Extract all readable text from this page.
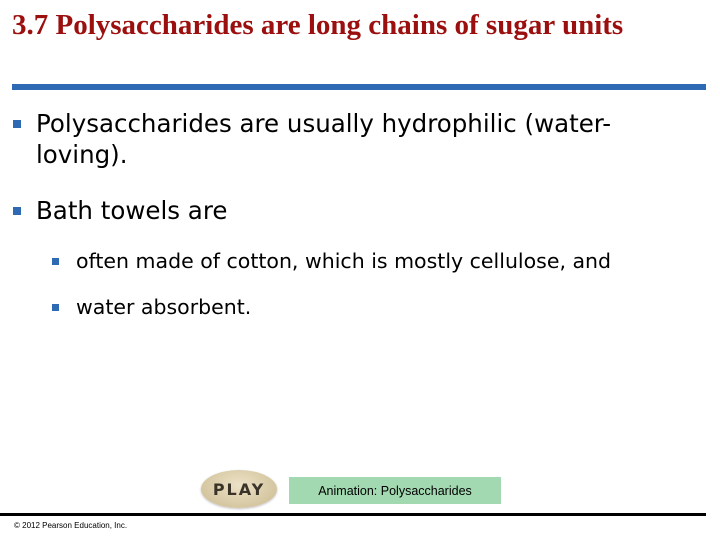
3.7 Polysaccharides are long chains of sugar units
Polysaccharides are usually hydrophilic (water-loving).
Bath towels are
often made of cotton, which is mostly cellulose, and
water absorbent.
PLAY	Animation: Polysaccharides
© 2012 Pearson Education, Inc.
